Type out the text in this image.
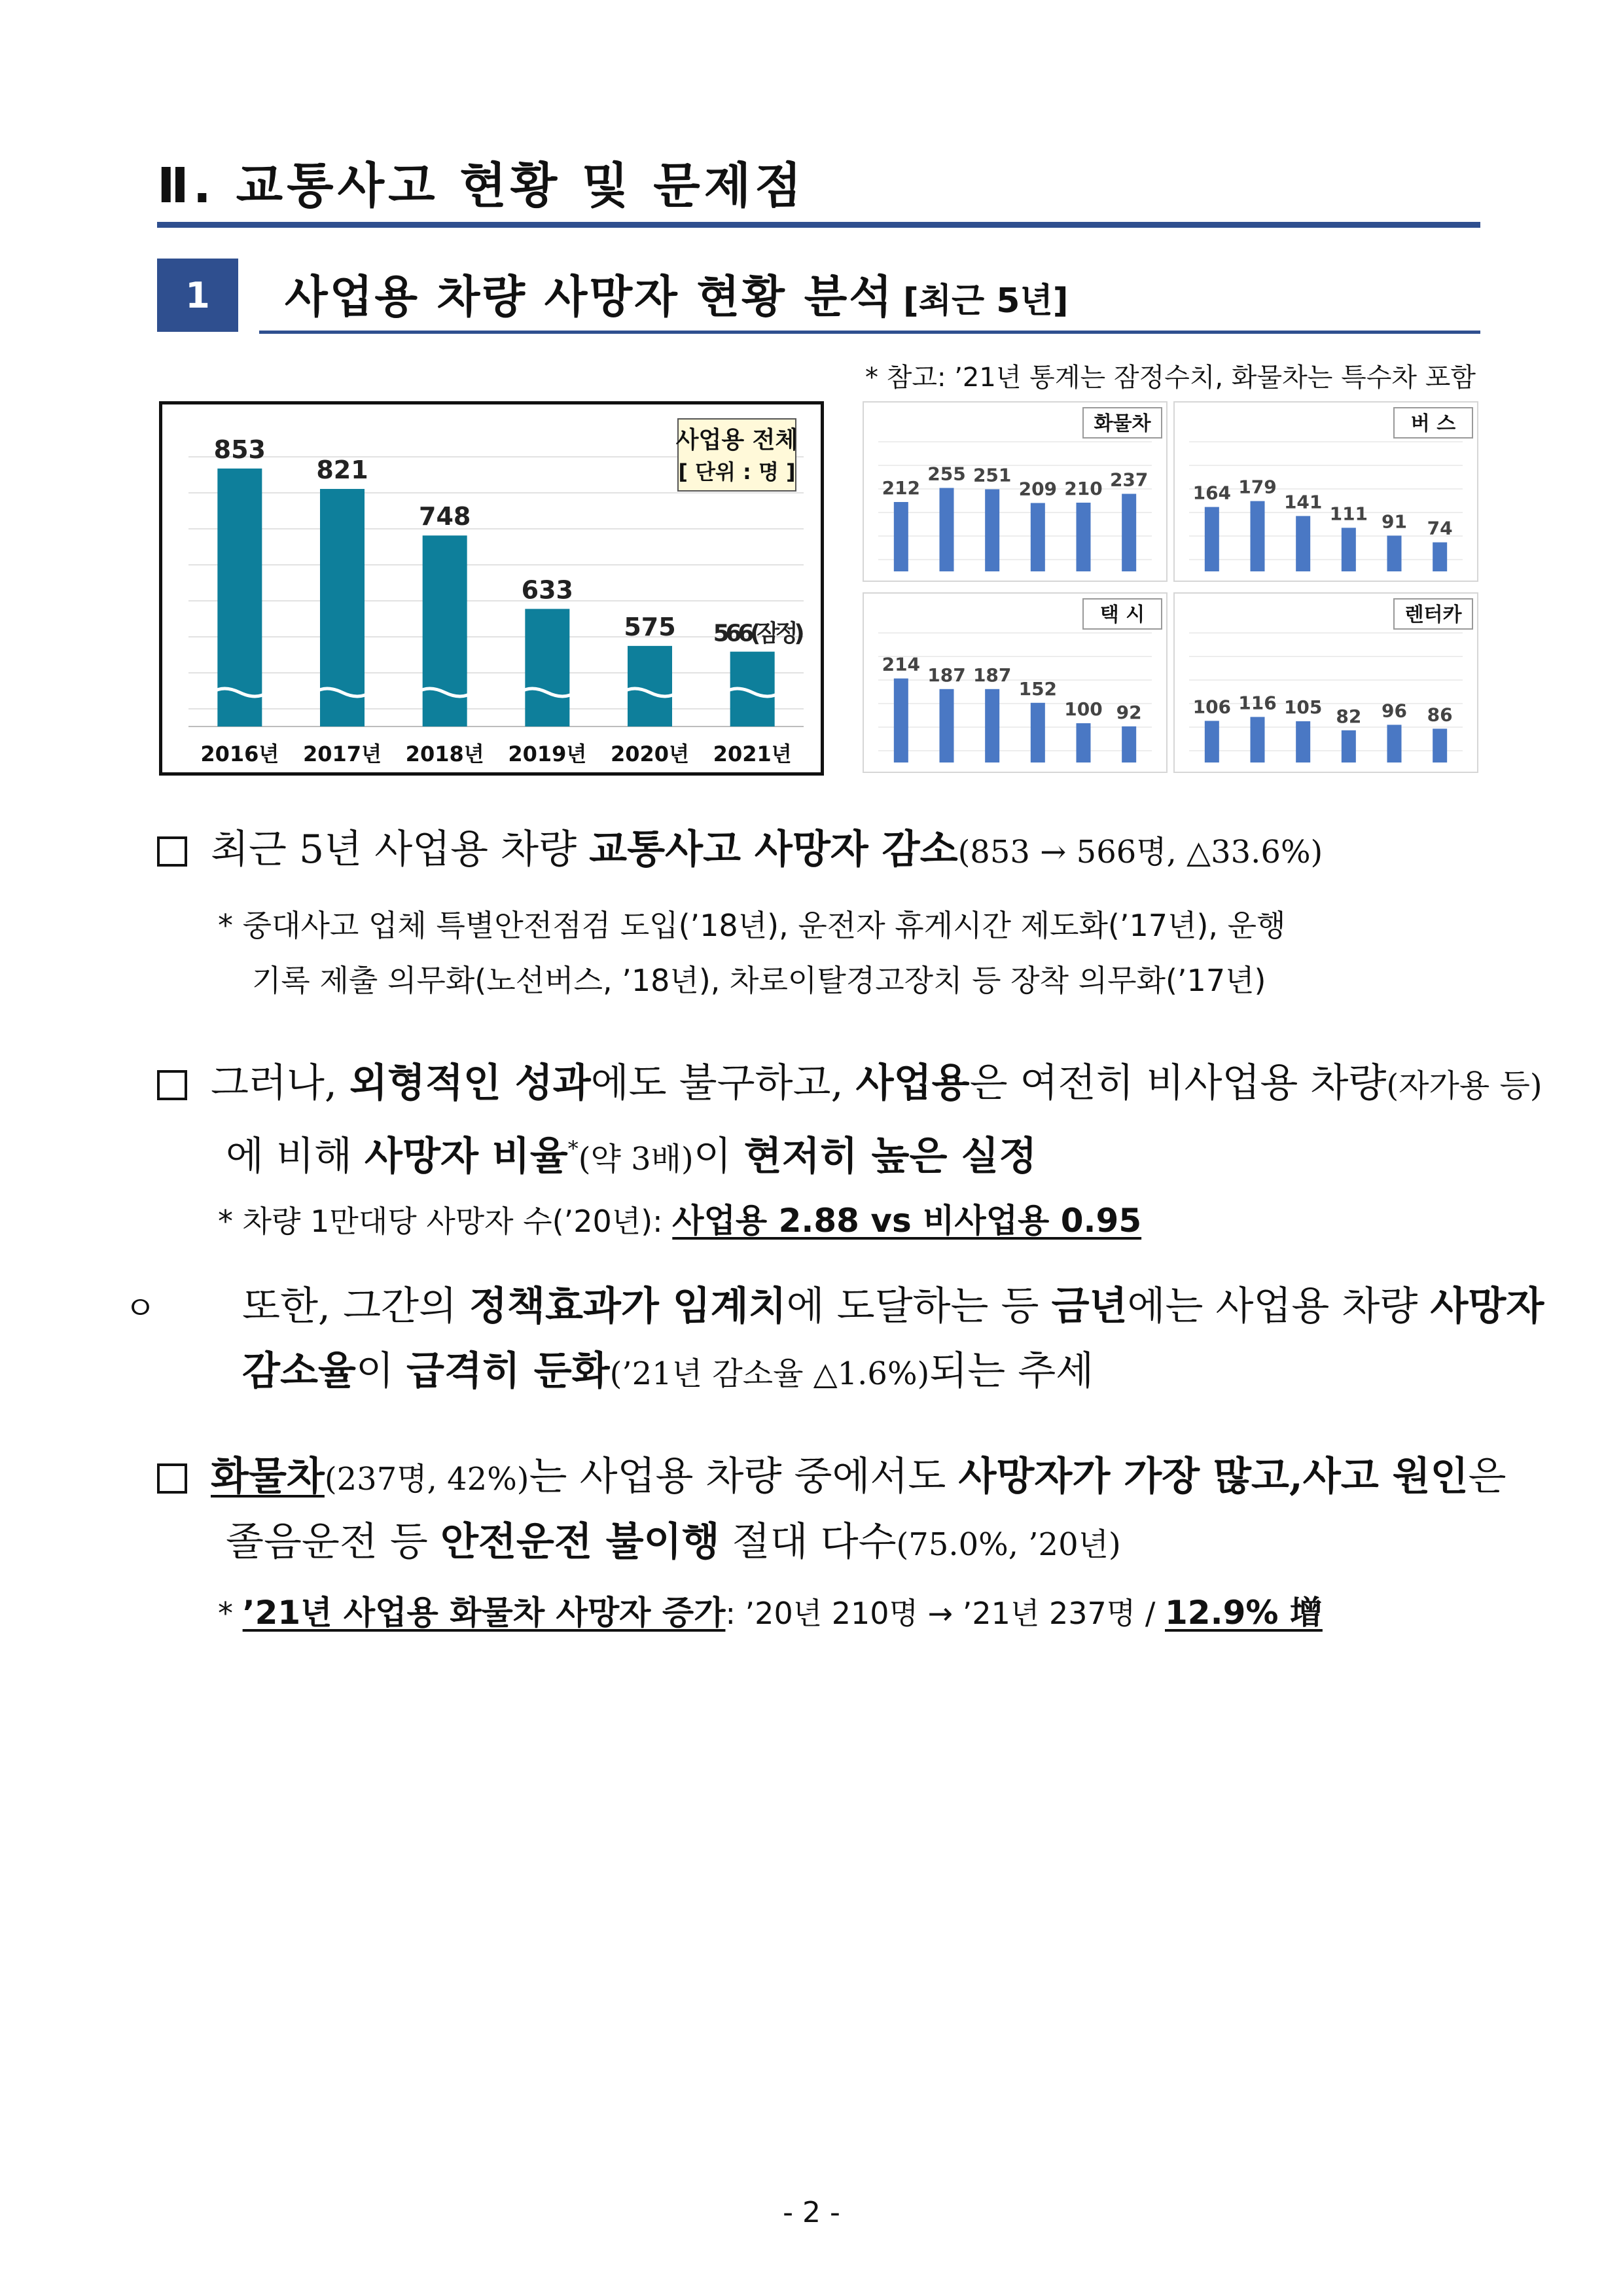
Ⅱ. 교통사고 현황 및 문제점
1	사업용 차량 사망자 현황 분석 [최근 5년]
* 참고: ’21년 통계는 잠정수치, 화물차는 특수차 포함
853
2016년
821
2017년
748
2018년
633
2019년
575
2020년
566(잠정)
2021년
사업용 전체
[ 단위 : 명 ]
212
255 251
209 210 237
화물차
164 179
141
111 91 74
버 스
214 187 187
152
100 92
택 시
106 116 105 82 96 86
렌터카
최근 5년 사업용 차량 교통사고 사망자 감소(853 → 566명, △33.6%)
* 중대사고 업체 특별안전점검 도입(’18년), 운전자 휴게시간 제도화(’17년), 운행
기록 제출 의무화(노선버스, ’18년), 차로이탈경고장치 등 장착 의무화(’17년)
그러나, 외형적인 성과에도 불구하고, 사업용은 여전히 비사업용 차량(자가용 등)에 비해 사망자 비율*(약 3배)이 현저히 높은 실정
* 차량 1만대당 사망자 수(’20년): 사업용 2.88 vs 비사업용 0.95
ㅇ 또한, 그간의 정책효과가 임계치에 도달하는 등 금년에는 사업용 차량 사망자 감소율이 급격히 둔화(’21년 감소율 △1.6%)되는 추세
화물차(237명, 42%)는 사업용 차량 중에서도 사망자가 가장 많고,사고 원인은 졸음운전 등 안전운전 불이행 절대 다수(75.0%, ’20년)
* ’21년 사업용 화물차 사망자 증가: ’20년 210명 → ’21년 237명 / 12.9% 增
- 2 -
